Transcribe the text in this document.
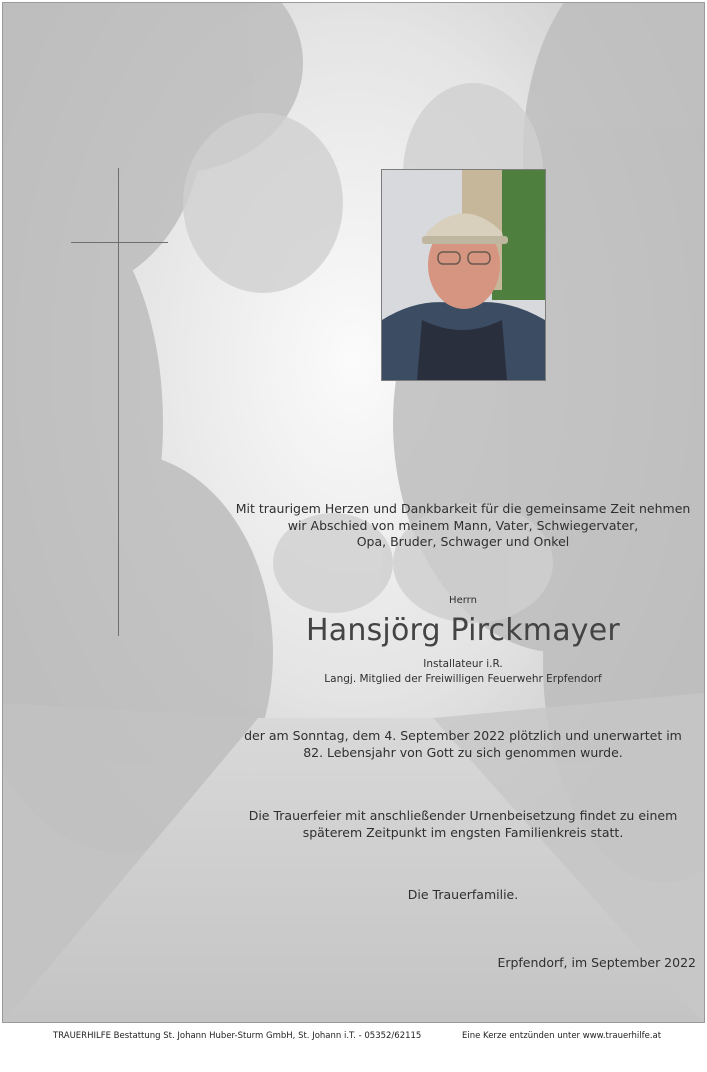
Mit traurigem Herzen und Dankbarkeit für die gemeinsame Zeit nehmen
wir Abschied von meinem Mann, Vater, Schwiegervater,
Opa, Bruder, Schwager und Onkel
Herrn
Hansjörg Pirckmayer
Installateur i.R.
Langj. Mitglied der Freiwilligen Feuerwehr Erpfendorf
der am Sonntag, dem 4. September 2022 plötzlich und unerwartet im
82. Lebensjahr von Gott zu sich genommen wurde.
Die Trauerfeier mit anschließender Urnenbeisetzung findet zu einem
späterem Zeitpunkt im engsten Familienkreis statt.
Die Trauerfamilie.
Erpfendorf, im September 2022
TRAUERHILFE Bestattung St. Johann Huber-Sturm GmbH, St. Johann i.T. - 05352/62115	Eine Kerze entzünden unter www.trauerhilfe.at
